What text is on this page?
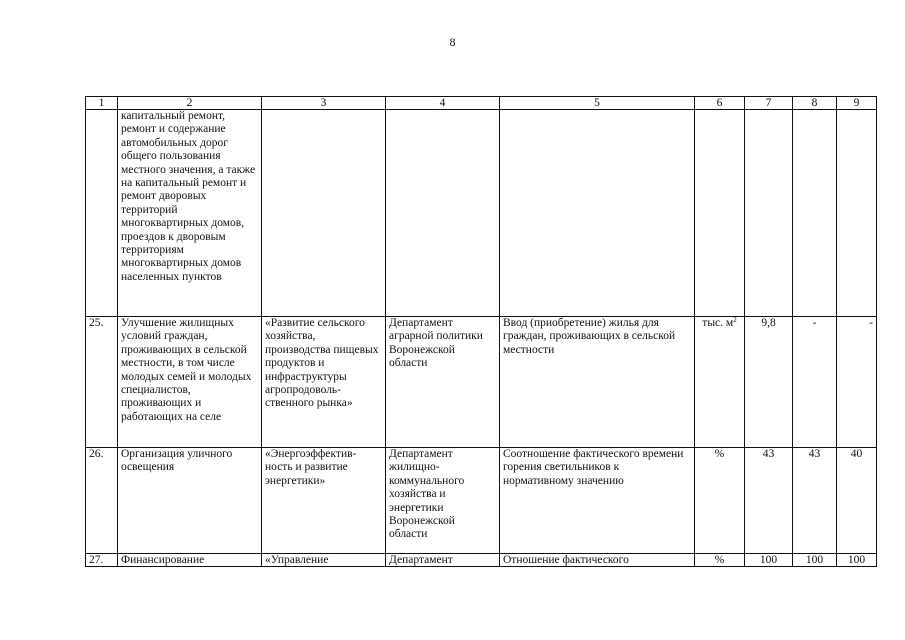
8
1	2	3	4	5	6	7	8	9
	капитальный ремонт, ремонт и содержание автомобильных дорог общего пользования местного значения, а также на капитальный ремонт и ремонт дворовых территорий многоквартирных домов, проездов к дворовым территориям многоквартирных домов населенных пунктов							
25.	Улучшение жилищных условий граждан, проживающих в сельской местности, в том числе молодых семей и молодых специалистов, проживающих и работающих на селе	«Развитие сельского хозяйства, производства пищевых продуктов и инфраструктуры агропродоволь-ственного рынка»	Департамент аграрной политики Воронежской области	Ввод (приобретение) жилья для граждан, проживающих в сельской местности	тыс. $м^2$	9,8	-	-
26.	Организация уличного освещения	«Энергоэффектив-ность и развитие энергетики»	Департамент жилищно-коммунального хозяйства и энергетики Воронежской области	Соотношение фактического времени горения светильников к нормативному значению	%	43	43	40
27.	Финансирование	«Управление	Департамент	Отношение фактического	%	100	100	100
